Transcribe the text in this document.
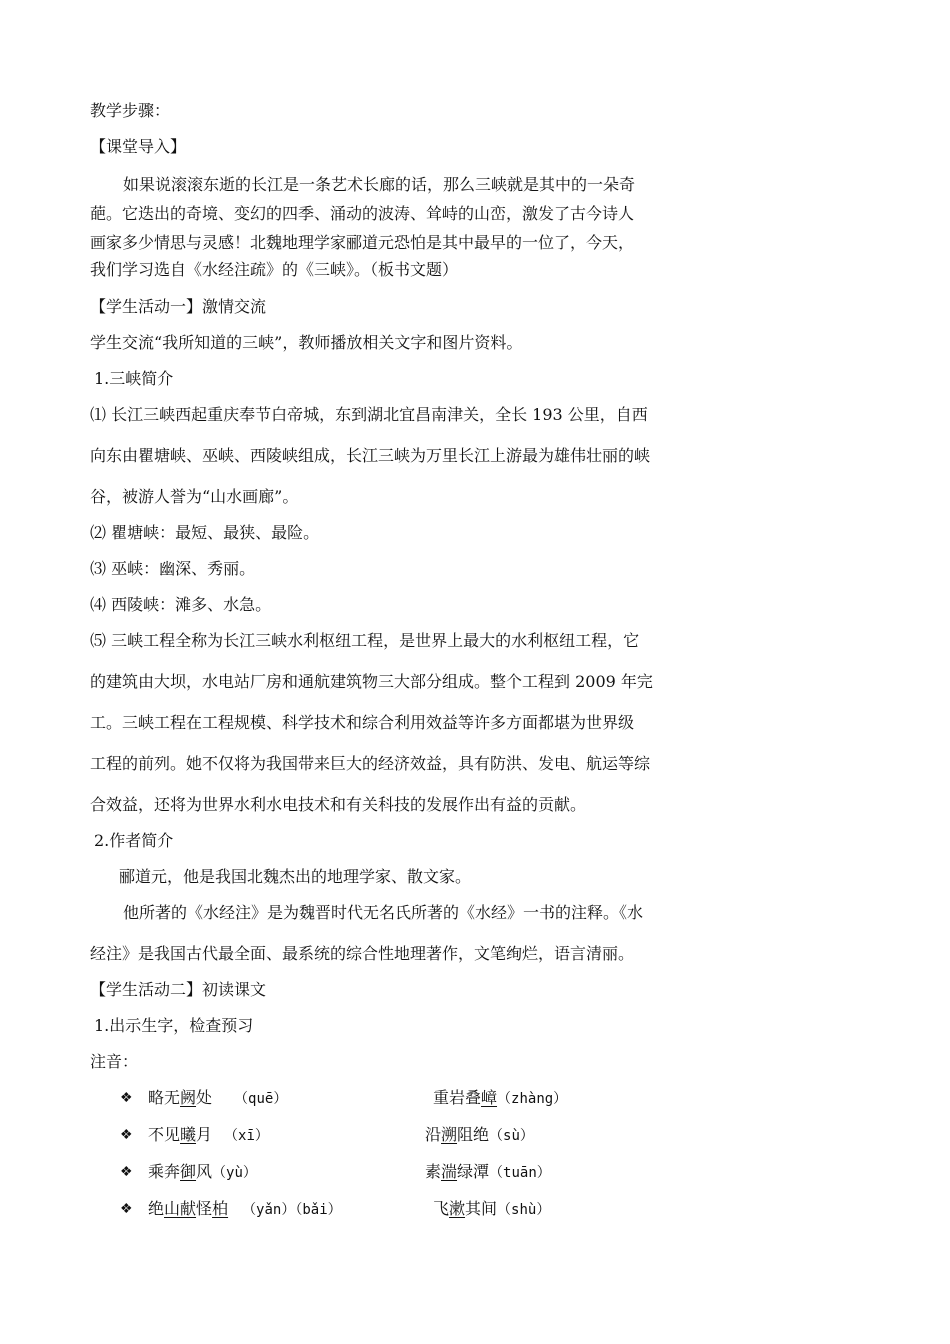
教学步骤：
【课堂导入】
如果说滚滚东逝的长江是一条艺术长廊的话，那么三峡就是其中的一朵奇
葩。它迭出的奇境、变幻的四季、涌动的波涛、耸峙的山峦，激发了古今诗人
画家多少情思与灵感！北魏地理学家郦道元恐怕是其中最早的一位了，今天，
我们学习选自《水经注疏》的《三峡》。（板书文题）
【学生活动一】激情交流
学生交流“我所知道的三峡”，教师播放相关文字和图片资料。
1.三峡简介
⑴ 长江三峡西起重庆奉节白帝城，东到湖北宜昌南津关，全长 193 公里，自西
向东由瞿塘峡、巫峡、西陵峡组成，长江三峡为万里长江上游最为雄伟壮丽的峡
谷，被游人誉为“山水画廊”。
⑵ 瞿塘峡：最短、最狭、最险。
⑶ 巫峡：幽深、秀丽。
⑷ 西陵峡：滩多、水急。
⑸ 三峡工程全称为长江三峡水利枢纽工程，是世界上最大的水利枢纽工程，它
的建筑由大坝，水电站厂房和通航建筑物三大部分组成。整个工程到 2009 年完
工。三峡工程在工程规模、科学技术和综合利用效益等许多方面都堪为世界级
工程的前列。她不仅将为我国带来巨大的经济效益，具有防洪、发电、航运等综
合效益，还将为世界水利水电技术和有关科技的发展作出有益的贡献。
2.作者简介
郦道元，他是我国北魏杰出的地理学家、散文家。
他所著的《水经注》是为魏晋时代无名氏所著的《水经》一书的注释。《水
经注》是我国古代最全面、最系统的综合性地理著作，文笔绚烂，语言清丽。
【学生活动二】初读课文
1.出示生字，检查预习
注音：
❖ 略无阙处 （quē）	重岩叠嶂（zhàng）
❖ 不见曦月 （xī）	沿溯阻绝（sù）
❖ 乘奔御风（yù）	素湍绿潭（tuān）
❖ 绝山献怪柏 （yǎn）（bǎi）	飞漱其间（shù）
